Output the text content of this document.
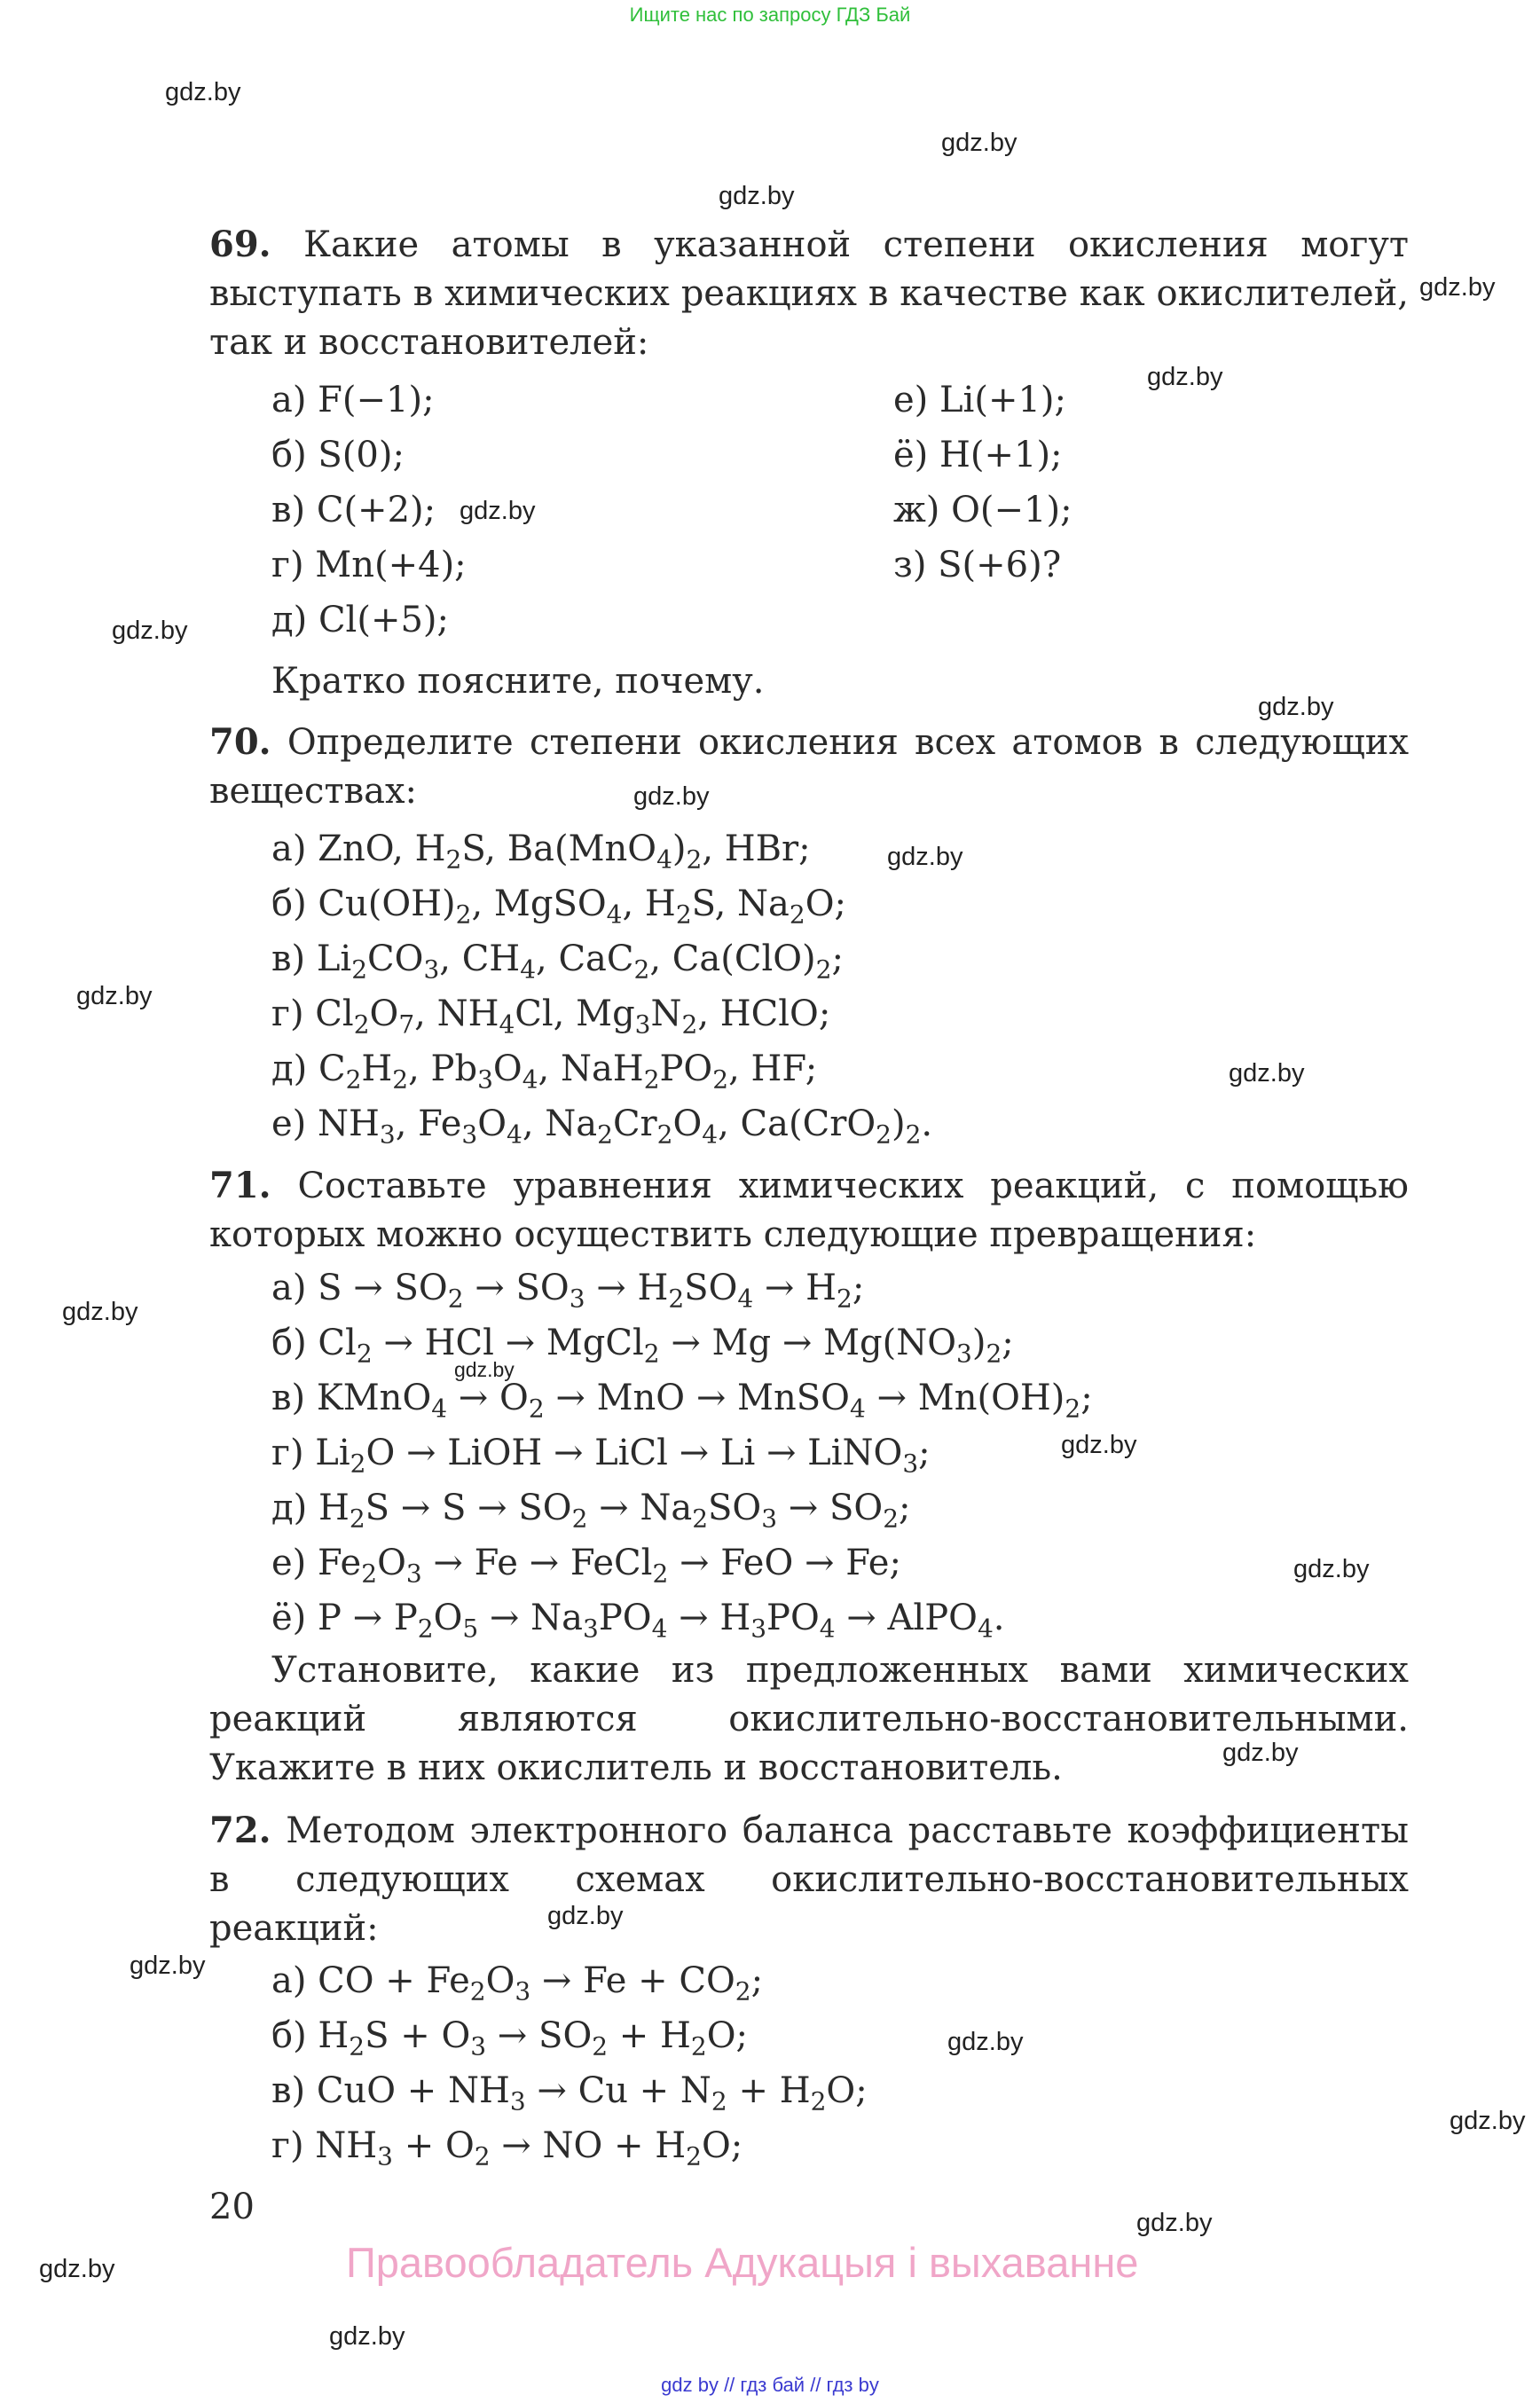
Ищите нас по запросу ГДЗ Бай
69. Какие атомы в указанной степени окисления могут выступать в химических реакциях в качестве как окислителей, так и восстановителей:
а) F(−1);
б) S(0);
в) C(+2);
г) Mn(+4);
д) Cl(+5);
е) Li(+1);
ё) H(+1);
ж) O(−1);
з) S(+6)?
Кратко поясните, почему.
70. Определите степени окисления всех атомов в следующих веществах:
а) ZnO, $H_2S$, $Ba(MnO_4)_2$, HBr;
б) $Cu(OH)_2$, MgSO$_4$, $H_2S$, $Na_2O$;
в) $Li_2CO_3$, $CH_4$, CaC$_2$, $Ca(ClO)_2$;
г) $Cl_2O_7$, $NH_4Cl$, $Mg_3N_2$, HClO;
д) $C_2H_2$, $Pb_3O_4$, $NaH_2PO_2$, HF;
е) $NH_3$, $Fe_3O_4$, $Na_2Cr_2O_4$, $Ca(CrO_2)_2$.
71. Составьте уравнения химических реакций, с помощью которых можно осуществить следующие превращения:
а) $S \to SO_2 \to SO_3 \to H_2SO_4 \to H_2$;
б) $Cl_2$ → HCl → MgCl$_2$ → $Mg \to Mg(NO_3)_2$;
в) KMnO$_4$ → $O_2$ → MnO → MnSO$_4$ → $Mn(OH)_2$;
г) $Li_2O$ → LiOH → LiCl → Li → LiNO$_3$;
д) $H_2S \to S \to SO_2 \to Na_2SO_3 \to SO_2$;
е) $Fe_2O_3 \to Fe$ → FeCl$_2$ → FeO → Fe;
ё) $P \to P_2O_5 \to Na_3PO_4 \to H_3PO_4$ → AlPO$_4$.
Установите, какие из предложенных вами химических реакций являются окислительно-восстановительными. Укажите в них окислитель и восстановитель.
72. Методом электронного баланса расставьте коэффициенты в следующих схемах окислительно-восстановительных реакций:
а) CO + $Fe_2O_3 \to Fe + CO_2$;
б) $H_2S + O_3 \to SO_2 + H_2O$;
в) CuO + $NH_3 \to Cu + N_2 + H_2O$;
г) $NH_3 + O_2$ → NO + $H_2O$;
20
Правообладатель Адукацыя і выхаванне
gdz by // гдз бай // гдз by
gdz.by
gdz.by
gdz.by
gdz.by
gdz.by
gdz.by
gdz.by
gdz.by
gdz.by
gdz.by
gdz.by
gdz.by
gdz.by
gdz.by
gdz.by
gdz.by
gdz.by
gdz.by
gdz.by
gdz.by
gdz.by
gdz.by
gdz.by
gdz.by
